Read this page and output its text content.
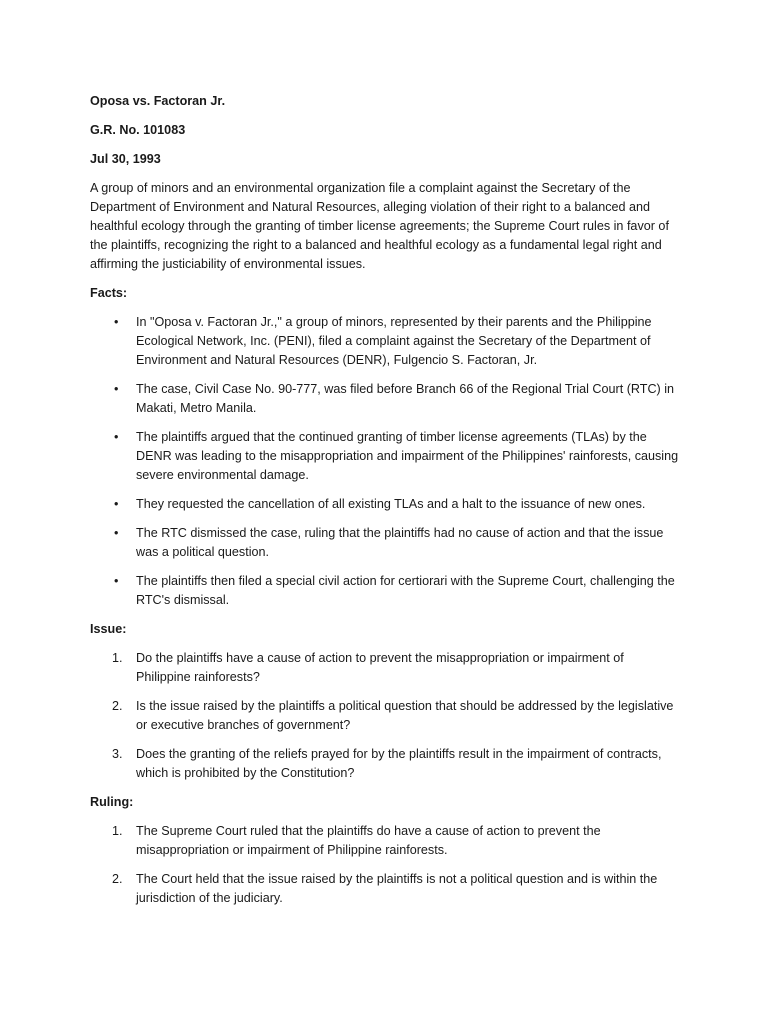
Oposa vs. Factoran Jr.

G.R. No. 101083

Jul 30, 1993

A group of minors and an environmental organization file a complaint against the Secretary of the Department of Environment and Natural Resources, alleging violation of their right to a balanced and healthful ecology through the granting of timber license agreements; the Supreme Court rules in favor of the plaintiffs, recognizing the right to a balanced and healthful ecology as a fundamental legal right and affirming the justiciability of environmental issues.

Facts:

• In "Oposa v. Factoran Jr.," a group of minors, represented by their parents and the Philippine Ecological Network, Inc. (PENI), filed a complaint against the Secretary of the Department of Environment and Natural Resources (DENR), Fulgencio S. Factoran, Jr.
• The case, Civil Case No. 90-777, was filed before Branch 66 of the Regional Trial Court (RTC) in Makati, Metro Manila.
• The plaintiffs argued that the continued granting of timber license agreements (TLAs) by the DENR was leading to the misappropriation and impairment of the Philippines' rainforests, causing severe environmental damage.
• They requested the cancellation of all existing TLAs and a halt to the issuance of new ones.
• The RTC dismissed the case, ruling that the plaintiffs had no cause of action and that the issue was a political question.
• The plaintiffs then filed a special civil action for certiorari with the Supreme Court, challenging the RTC's dismissal.

Issue:

1. Do the plaintiffs have a cause of action to prevent the misappropriation or impairment of Philippine rainforests?
2. Is the issue raised by the plaintiffs a political question that should be addressed by the legislative or executive branches of government?
3. Does the granting of the reliefs prayed for by the plaintiffs result in the impairment of contracts, which is prohibited by the Constitution?

Ruling:

1. The Supreme Court ruled that the plaintiffs do have a cause of action to prevent the misappropriation or impairment of Philippine rainforests.
2. The Court held that the issue raised by the plaintiffs is not a political question and is within the jurisdiction of the judiciary.
